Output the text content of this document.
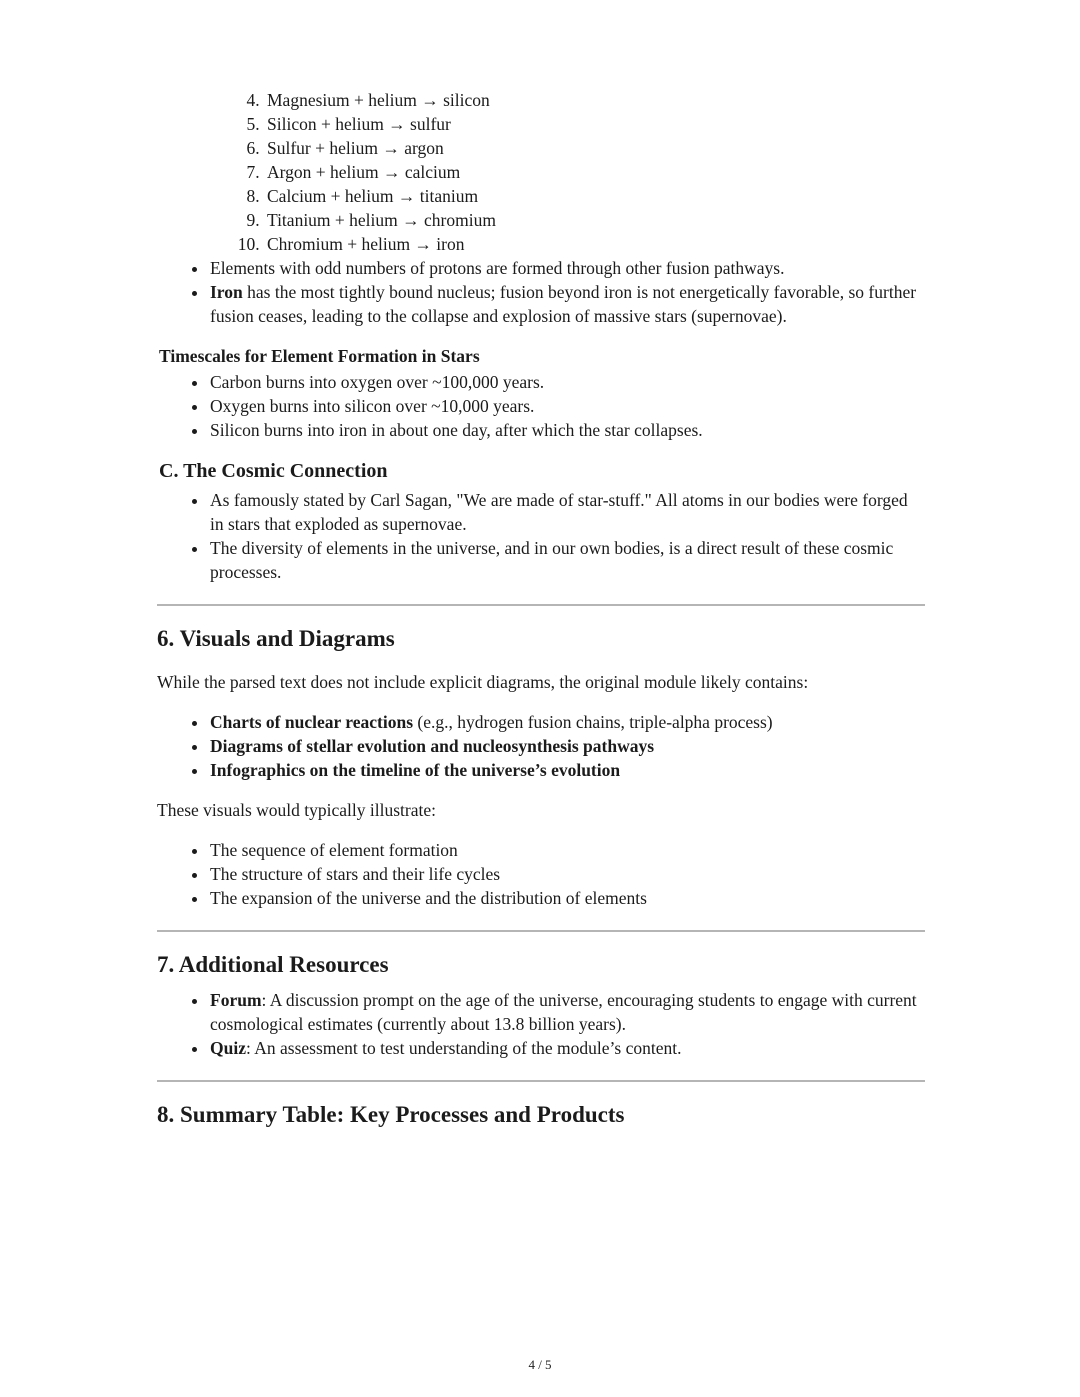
4. Magnesium + helium → silicon
5. Silicon + helium → sulfur
6. Sulfur + helium → argon
7. Argon + helium → calcium
8. Calcium + helium → titanium
9. Titanium + helium → chromium
10. Chromium + helium → iron
• Elements with odd numbers of protons are formed through other fusion pathways.
• Iron has the most tightly bound nucleus; fusion beyond iron is not energetically favorable, so further fusion ceases, leading to the collapse and explosion of massive stars (supernovae).
Timescales for Element Formation in Stars
• Carbon burns into oxygen over ~100,000 years.
• Oxygen burns into silicon over ~10,000 years.
• Silicon burns into iron in about one day, after which the star collapses.
C. The Cosmic Connection
• As famously stated by Carl Sagan, "We are made of star-stuff." All atoms in our bodies were forged in stars that exploded as supernovae.
• The diversity of elements in the universe, and in our own bodies, is a direct result of these cosmic processes.
6. Visuals and Diagrams

While the parsed text does not include explicit diagrams, the original module likely contains:

• Charts of nuclear reactions (e.g., hydrogen fusion chains, triple-alpha process)
• Diagrams of stellar evolution and nucleosynthesis pathways
• Infographics on the timeline of the universe’s evolution

These visuals would typically illustrate:

• The sequence of element formation
• The structure of stars and their life cycles
• The expansion of the universe and the distribution of elements
7. Additional Resources
• Forum: A discussion prompt on the age of the universe, encouraging students to engage with current cosmological estimates (currently about 13.8 billion years).
• Quiz: An assessment to test understanding of the module’s content.
8. Summary Table: Key Processes and Products
4 / 5
